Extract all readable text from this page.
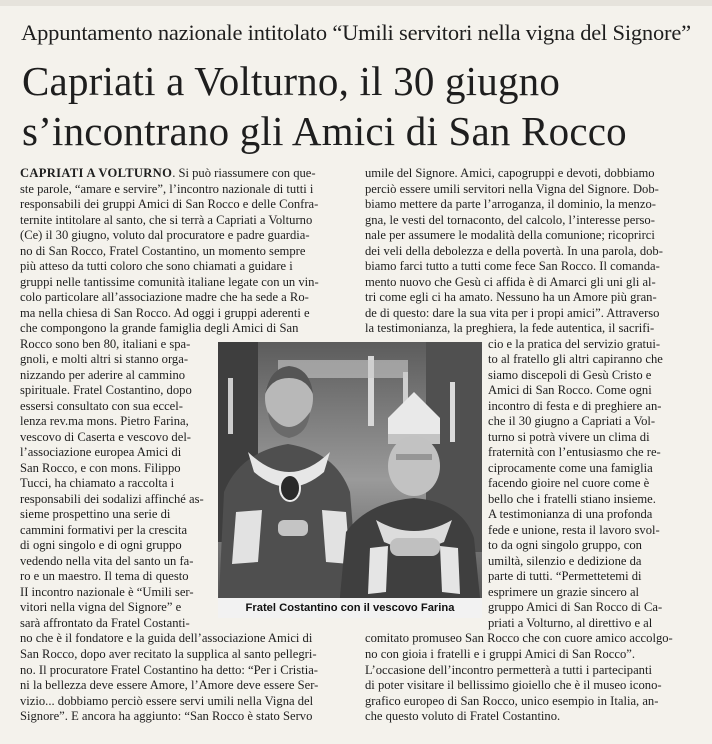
Appuntamento nazionale intitolato “Umili servitori nella vigna del Signore”
Capriati a Volturno, il 30 giugno
s’incontrano gli Amici di San Rocco
CAPRIATI A VOLTURNO. Si può riassumere con que-
ste parole, “amare e servire”, l’incontro nazionale di tutti i
responsabili dei gruppi Amici di San Rocco e delle Confra-
ternite intitolare al santo, che si terrà a Capriati a Volturno
(Ce) il 30 giugno, voluto dal procuratore e padre guardia-
no di San Rocco, Fratel Costantino, un momento sempre
più atteso da tutti coloro che sono chiamati a guidare i
gruppi nelle tantissime comunità italiane legate con un vin-
colo particolare all’associazione madre che ha sede a Ro-
ma nella chiesa di San Rocco. Ad oggi i gruppi aderenti e
che compongono la grande famiglia degli Amici di San
Rocco sono ben 80, italiani e spa-
gnoli, e molti altri si stanno orga-
nizzando per aderire al cammino
spirituale. Fratel Costantino, dopo
essersi consultato con sua eccel-
lenza rev.ma mons. Pietro Farina,
vescovo di Caserta e vescovo del-
l’associazione europea Amici di
San Rocco, e con mons. Filippo
Tucci, ha chiamato a raccolta i
responsabili dei sodalizi affinché as-
sieme prospettino una serie di
cammini formativi per la crescita
di ogni singolo e di ogni gruppo
vedendo nella vita del santo un fa-
ro e un maestro. Il tema di questo
II incontro nazionale è “Umili ser-
vitori nella vigna del Signore” e
sarà affrontato da Fratel Costanti-
no che è il fondatore e la guida dell’associazione Amici di
San Rocco, dopo aver recitato la supplica al santo pellegri-
no. Il procuratore Fratel Costantino ha detto: “Per i Cristia-
ni la bellezza deve essere Amore, l’Amore deve essere Ser-
vizio... dobbiamo perciò essere servi umili nella Vigna del
Signore”. E ancora ha aggiunto: “San Rocco è stato Servo
umile del Signore. Amici, capogruppi e devoti, dobbiamo
perciò essere umili servitori nella Vigna del Signore. Dob-
biamo mettere da parte l’arroganza, il dominio, la menzo-
gna, le vesti del tornaconto, del calcolo, l’interesse perso-
nale per assumere le modalità della comunione; ricoprirci
dei veli della debolezza e della povertà. In una parola, dob-
biamo farci tutto a tutti come fece San Rocco. Il comanda-
mento nuovo che Gesù ci affida è di Amarci gli uni gli al-
tri come egli ci ha amato. Nessuno ha un Amore più gran-
de di questo: dare la sua vita per i propi amici”. Attraverso
la testimonianza, la preghiera, la fede autentica, il sacrifi-
cio e la pratica del servizio gratui-
to al fratello gli altri capiranno che
siamo discepoli di Gesù Cristo e
Amici di San Rocco. Come ogni
incontro di festa e di preghiere an-
che il 30 giugno a Capriati a Vol-
turno si potrà vivere un clima di
fraternità con l’entusiasmo che re-
ciprocamente come una famiglia
facendo gioire nel cuore come è
bello che i fratelli stiano insieme.
A testimonianza di una profonda
fede e unione, resta il lavoro svol-
to da ogni singolo gruppo, con
umiltà, silenzio e dedizione da
parte di tutti. “Permettetemi di
esprimere un grazie sincero al
gruppo Amici di San Rocco di Ca-
priati a Volturno, al direttivo e al
comitato promuseo San Rocco che con cuore amico accolgo-
no con gioia i fratelli e i gruppi Amici di San Rocco”.
L’occasione dell’incontro permetterà a tutti i partecipanti
di poter visitare il bellissimo gioiello che è il museo icono-
grafico europeo di San Rocco, unico esempio in Italia, an-
che questo voluto di Fratel Costantino.
Fratel Costantino con il vescovo Farina
